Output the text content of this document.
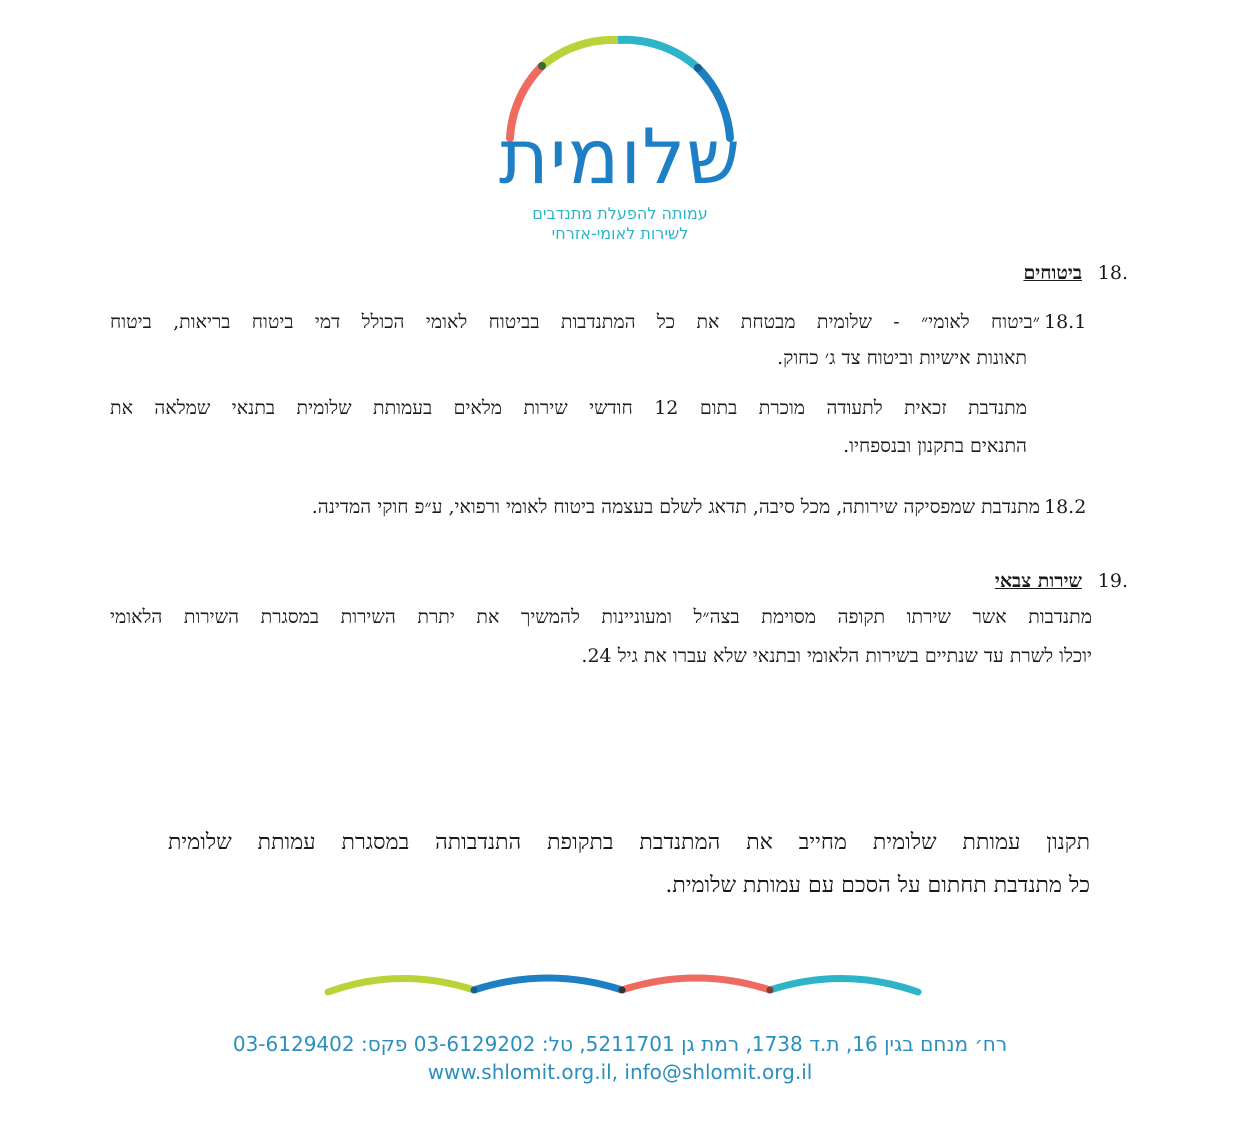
שלומית
עמותה להפעלת מתנדבים
לשירות לאומי-אזרחי
.18
ביטוחים
18.1
״ביטוח לאומי״ - שלומית מבטחת את כל המתנדבות בביטוח לאומי הכולל דמי ביטוח בריאות, ביטוח
תאונות אישיות וביטוח צד ג׳ כחוק.
מתנדבת זכאית לתעודה מוכרת בתום 12 חודשי שירות מלאים בעמותת שלומית בתנאי שמלאה את
התנאים בתקנון ובנספחיו.
18.2
מתנדבת שמפסיקה שירותה, מכל סיבה, תדאג לשלם בעצמה ביטוח לאומי ורפואי, ע״פ חוקי המדינה.
.19
שירות צבאי
מתנדבות אשר שירתו תקופה מסוימת בצה״ל ומעוניינות להמשיך את יתרת השירות במסגרת השירות הלאומי
יוכלו לשרת עד שנתיים בשירות הלאומי ובתנאי שלא עברו את גיל 24.
תקנון עמותת שלומית מחייב את המתנדבת בתקופת התנדבותה במסגרת עמותת שלומית
כל מתנדבת תחתום על הסכם עם עמותת שלומית.
רח׳ מנחם בגין 16, ת.ד 1738, רמת גן 5211701, טל: 03-6129202 פקס: 03-6129402
www.shlomit.org.il, info@shlomit.org.il
